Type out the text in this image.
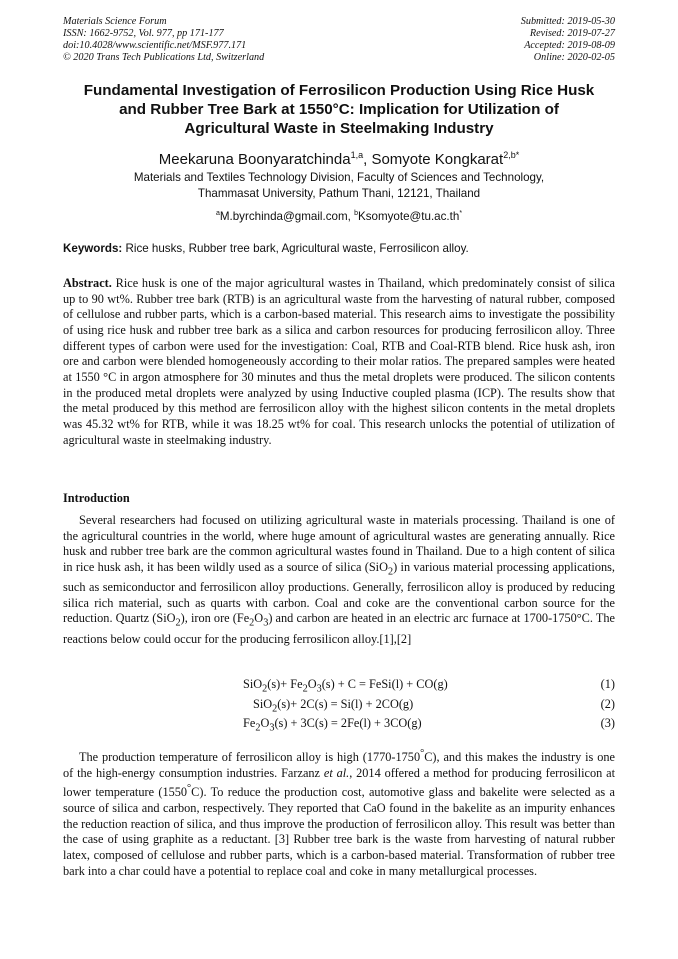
Materials Science Forum
ISSN: 1662-9752, Vol. 977, pp 171-177
doi:10.4028/www.scientific.net/MSF.977.171
© 2020 Trans Tech Publications Ltd, Switzerland
Submitted: 2019-05-30
Revised: 2019-07-27
Accepted: 2019-08-09
Online: 2020-02-05
Fundamental Investigation of Ferrosilicon Production Using Rice Husk
and Rubber Tree Bark at 1550°C: Implication for Utilization of
Agricultural Waste in Steelmaking Industry
Meekaruna Boonyaratchinda$^{1,a}$, Somyote Kongkarat$^{2,b*}$
Materials and Textiles Technology Division, Faculty of Sciences and Technology,
Thammasat University, Pathum Thani, 12121, Thailand
$^a$M.byrchinda@gmail.com, $^b$Ksomyote@tu.ac.th*
Keywords: Rice husks, Rubber tree bark, Agricultural waste, Ferrosilicon alloy.

Abstract. Rice husk is one of the major agricultural wastes in Thailand, which predominately consist of silica up to 90 wt%. Rubber tree bark (RTB) is an agricultural waste from the harvesting of natural rubber, composed of cellulose and rubber parts, which is a carbon-based material. This research aims to investigate the possibility of using rice husk and rubber tree bark as a silica and carbon resources for producing ferrosilicon alloy. Three different types of carbon were used for the investigation: Coal, RTB and Coal-RTB blend. Rice husk ash, iron ore and carbon were blended homogeneously according to their molar ratios. The prepared samples were heated at 1550 °C in argon atmosphere for 30 minutes and thus the metal droplets were produced. The silicon contents in the produced metal droplets were analyzed by using Inductive coupled plasma (ICP). The results show that the metal produced by this method are ferrosilicon alloy with the highest silicon contents in the metal droplets was 45.32 wt% for RTB, while it was 18.25 wt% for coal. This research unlocks the potential of utilization of agricultural waste in steelmaking industry.

Introduction

Several researchers had focused on utilizing agricultural waste in materials processing. Thailand is one of the agricultural countries in the world, where huge amount of agricultural wastes are generating annually. Rice husk and rubber tree bark are the common agricultural wastes found in Thailand. Due to a high content of silica in rice husk ash, it has been wildly used as a source of silica (SiO$_2$) in various material processing applications, such as semiconductor and ferrosilicon alloy productions. Generally, ferrosilicon alloy is produced by reducing silica rich material, such as quarts with carbon. Coal and coke are the conventional carbon source for the reduction. Quartz (SiO$_2$), iron ore $(Fe_2O_3)$ and carbon are heated in an electric arc furnace at 1700-1750°C. The reactions below could occur for the producing ferrosilicon alloy.[1],[2]

$SiO_2(s)+ Fe_2O_3(s) + C$ = FeSi(l) + CO(g)	(1)
SiO$_2$(s)+ 2C(s) = Si(l) + 2CO(g)	(2)
$Fe_2O_3(s) + 3C(s) = 2Fe(l) + 3CO(g)$	(3)

The production temperature of ferrosilicon alloy is high (1770-1750°C), and this makes the industry is one of the high-energy consumption industries. Farzanz et al., 2014 offered a method for producing ferrosilicon at lower temperature (1550°C). To reduce the production cost, automotive glass and bakelite were selected as a source of silica and carbon, respectively. They reported that CaO found in the bakelite as an impurity enhances the reduction reaction of silica, and thus improve the production of ferrosilicon alloy. This result was better than the case of using graphite as a reductant. [3] Rubber tree bark is the waste from harvesting of natural rubber latex, composed of cellulose and rubber parts, which is a carbon-based material. Transformation of rubber tree bark into a char could have a potential to replace coal and coke in many metallurgical processes.
